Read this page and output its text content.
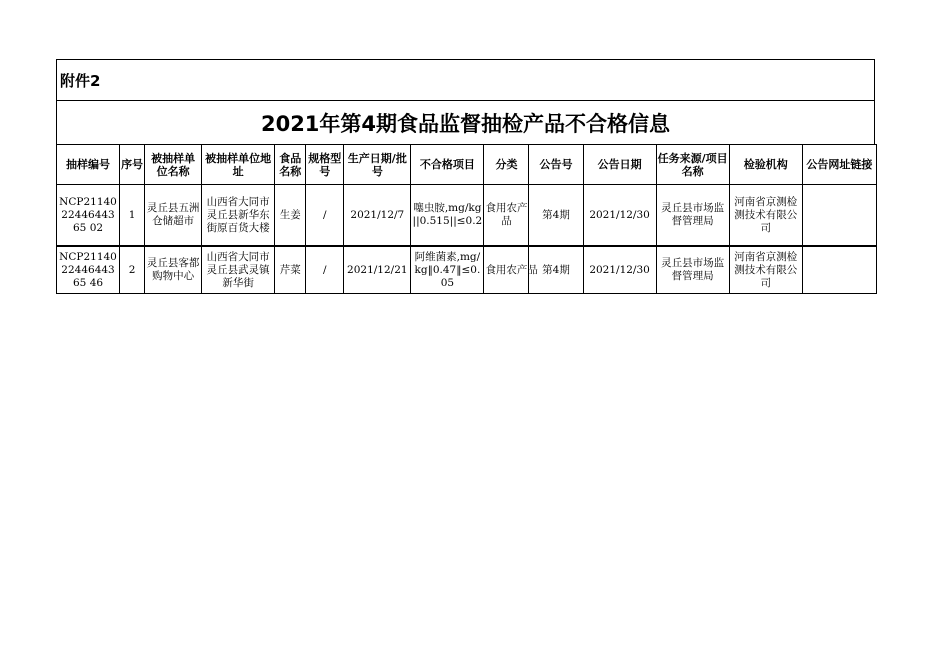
附件2
2021年第4期食品监督抽检产品不合格信息
抽样编号	序号	被抽样单位名称	被抽样单位地址	食品名称	规格型号	生产日期/批号	不合格项目	分类	公告号	公告日期	任务来源/项目名称	检验机构	公告网址链接
NCP211402244644365 02	1	灵丘县五洲仓储超市	山西省大同市灵丘县新华东街原百货大楼	生姜	/	2021/12/7	噻虫胺,mg/kg||0.515||≤0.2	食用农产品	第4期	2021/12/30	灵丘县市场监督管理局	河南省京测检测技术有限公司	
NCP211402244644365 46	2	灵丘县客都购物中心	山西省大同市灵丘县武灵镇新华街	芹菜	/	2021/12/21	阿维菌素,mg/kg‖0.47‖≤0.05	食用农产品	第4期	2021/12/30	灵丘县市场监督管理局	河南省京测检测技术有限公司	
